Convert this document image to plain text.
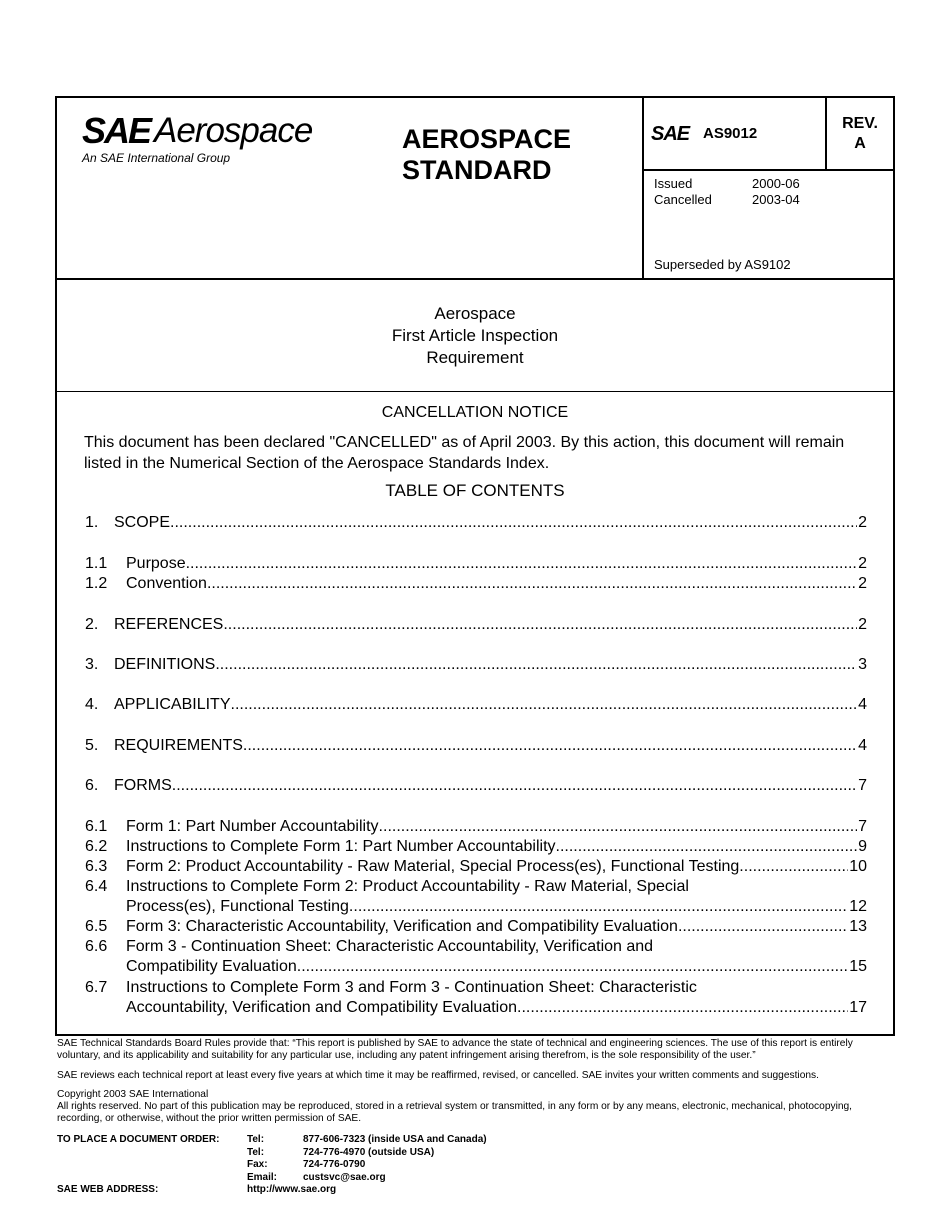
SAE Aerospace
An SAE International Group
AEROSPACE
STANDARD
SAE AS9012
REV.
A
Issued	2000-06
Cancelled	2003-04
Superseded by AS9102
Aerospace
First Article Inspection
Requirement
CANCELLATION NOTICE
This document has been declared "CANCELLED" as of April 2003. By this action, this document will remain listed in the Numerical Section of the Aerospace Standards Index.
TABLE OF CONTENTS
1. SCOPE .....	2
1.1	Purpose .....	2
1.2	Convention .....	2
2. REFERENCES .....	2
3. DEFINITIONS .....	3
4. APPLICABILITY .....	4
5. REQUIREMENTS .....	4
6. FORMS .....	7
6.1	Form 1: Part Number Accountability .....	7
6.2	Instructions to Complete Form 1: Part Number Accountability .....	9
6.3	Form 2: Product Accountability - Raw Material, Special Process(es), Functional Testing .....	10
6.4 Instructions to Complete Form 2: Product Accountability - Raw Material, Special
Process(es), Functional Testing .....	12
6.5	Form 3: Characteristic Accountability, Verification and Compatibility Evaluation .....	13
6.6 Form 3 - Continuation Sheet: Characteristic Accountability, Verification and
Compatibility Evaluation .....	15
6.7 Instructions to Complete Form 3 and Form 3 - Continuation Sheet: Characteristic
Accountability, Verification and Compatibility Evaluation .....	17
SAE Technical Standards Board Rules provide that: “This report is published by SAE to advance the state of technical and engineering sciences. The use of this report is entirely voluntary, and its applicability and suitability for any particular use, including any patent infringement arising therefrom, is the sole responsibility of the user.”
SAE reviews each technical report at least every five years at which time it may be reaffirmed, revised, or cancelled. SAE invites your written comments and suggestions.
Copyright 2003 SAE International
All rights reserved. No part of this publication may be reproduced, stored in a retrieval system or transmitted, in any form or by any means, electronic, mechanical, photocopying, recording, or otherwise, without the prior written permission of SAE.
TO PLACE A DOCUMENT ORDER:	Tel:	877-606-7323 (inside USA and Canada)
Tel:	724-776-4970 (outside USA)
Fax:	724-776-0790
Email:	custsvc@sae.org
SAE WEB ADDRESS:	http://www.sae.org
